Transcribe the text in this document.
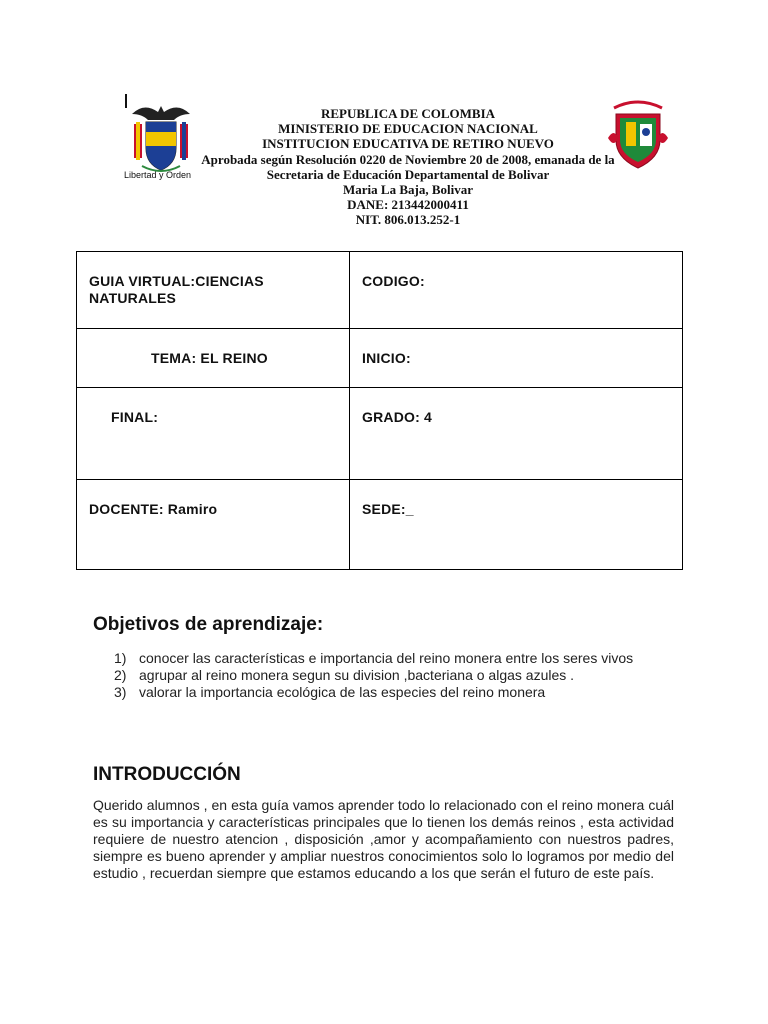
Libertad y Orden
REPUBLICA DE COLOMBIA
MINISTERIO DE EDUCACION NACIONAL
INSTITUCION EDUCATIVA DE RETIRO NUEVO
Aprobada según Resolución 0220 de Noviembre 20 de 2008, emanada de la
Secretaria de Educación Departamental de Bolivar
Maria La Baja, Bolivar
DANE: 213442000411
NIT. 806.013.252-1
GUIA VIRTUAL:CIENCIAS NATURALES	CODIGO:

TEMA: EL REINO	INICIO:

FINAL:	GRADO: 4

DOCENTE: Ramiro	SEDE:_
Objetivos de aprendizaje:
1) conocer las características e importancia del reino monera entre los seres vivos
2) agrupar al reino monera segun su division ,bacteriana o algas azules .
3) valorar la importancia ecológica de las especies del reino monera
INTRODUCCIÓN

Querido alumnos , en esta guía vamos aprender todo lo relacionado con el reino monera cuál es su importancia y características principales que lo tienen los demás reinos , esta actividad requiere de nuestro atencion , disposición ,amor y acompañamiento con nuestros padres, siempre es bueno aprender y ampliar nuestros conocimientos solo lo logramos por medio del estudio , recuerdan siempre que estamos educando a los que serán el futuro de este país.
